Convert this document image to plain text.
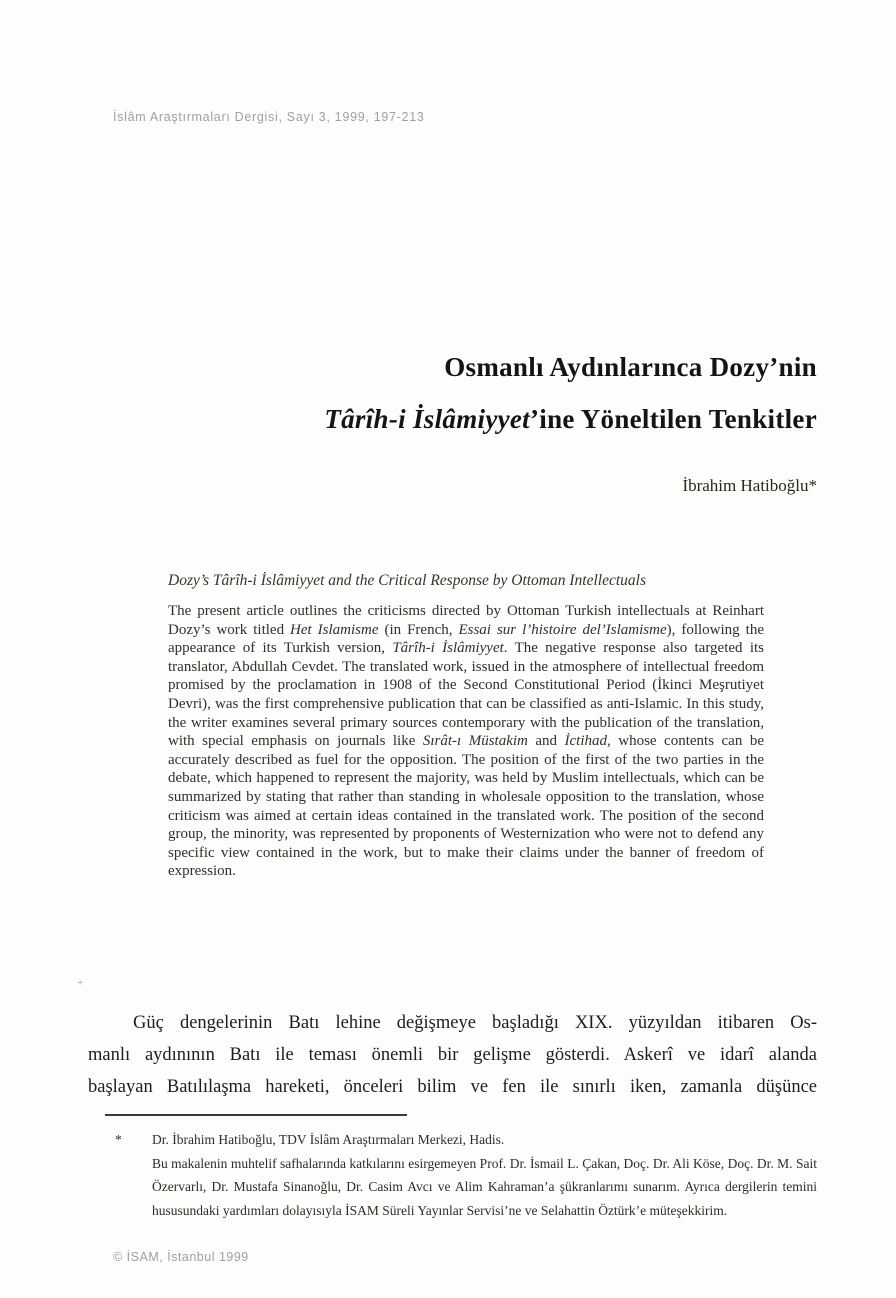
İslâm Araştırmaları Dergisi, Sayı 3, 1999, 197-213
Osmanlı Aydınlarınca Dozy’nin
Târîh-i İslâmiyyet’ine Yöneltilen Tenkitler
İbrahim Hatiboğlu*
Dozy’s Târîh-i İslâmiyyet and the Critical Response by Ottoman Intellectuals
The present article outlines the criticisms directed by Ottoman Turkish intellectuals at Reinhart Dozy’s work titled Het Islamisme (in French, Essai sur l’histoire del’Islamisme), following the appearance of its Turkish version, Târîh-i İslâmiyyet. The negative response also targeted its translator, Abdullah Cevdet. The translated work, issued in the atmosphere of intellectual freedom promised by the proclamation in 1908 of the Second Constitutional Period (İkinci Meşrutiyet Devri), was the first comprehensive publication that can be classified as anti-Islamic. In this study, the writer examines several primary sources contemporary with the publication of the translation, with special emphasis on journals like Sırât-ı Müstakim and İctihad, whose contents can be accurately described as fuel for the opposition. The position of the first of the two parties in the debate, which happened to represent the majority, was held by Muslim intellectuals, which can be summarized by stating that rather than standing in wholesale opposition to the translation, whose criticism was aimed at certain ideas contained in the translated work. The position of the second group, the minority, was represented by proponents of Westernization who were not to defend any specific view contained in the work, but to make their claims under the banner of freedom of expression.
+
Güç dengelerinin Batı lehine değişmeye başladığı XIX. yüzyıldan itibaren Os-
manlı aydınının Batı ile teması önemli bir gelişme gösterdi. Askerî ve idarî alanda
başlayan Batılılaşma hareketi, önceleri bilim ve fen ile sınırlı iken, zamanla düşünce
*	Dr. İbrahim Hatiboğlu, TDV İslâm Araştırmaları Merkezi, Hadis.
Bu makalenin muhtelif safhalarında katkılarını esirgemeyen Prof. Dr. İsmail L. Çakan, Doç. Dr. Ali Köse, Doç. Dr. M. Sait Özervarlı, Dr. Mustafa Sinanoğlu, Dr. Casim Avcı ve Alim Kahraman’a şükranlarımı sunarım. Ayrıca dergilerin temini hususundaki yardımları dolayısıyla İSAM Süreli Yayınlar Servisi’ne ve Selahattin Öztürk’e müteşekkirim.
© İSAM, İstanbul 1999
